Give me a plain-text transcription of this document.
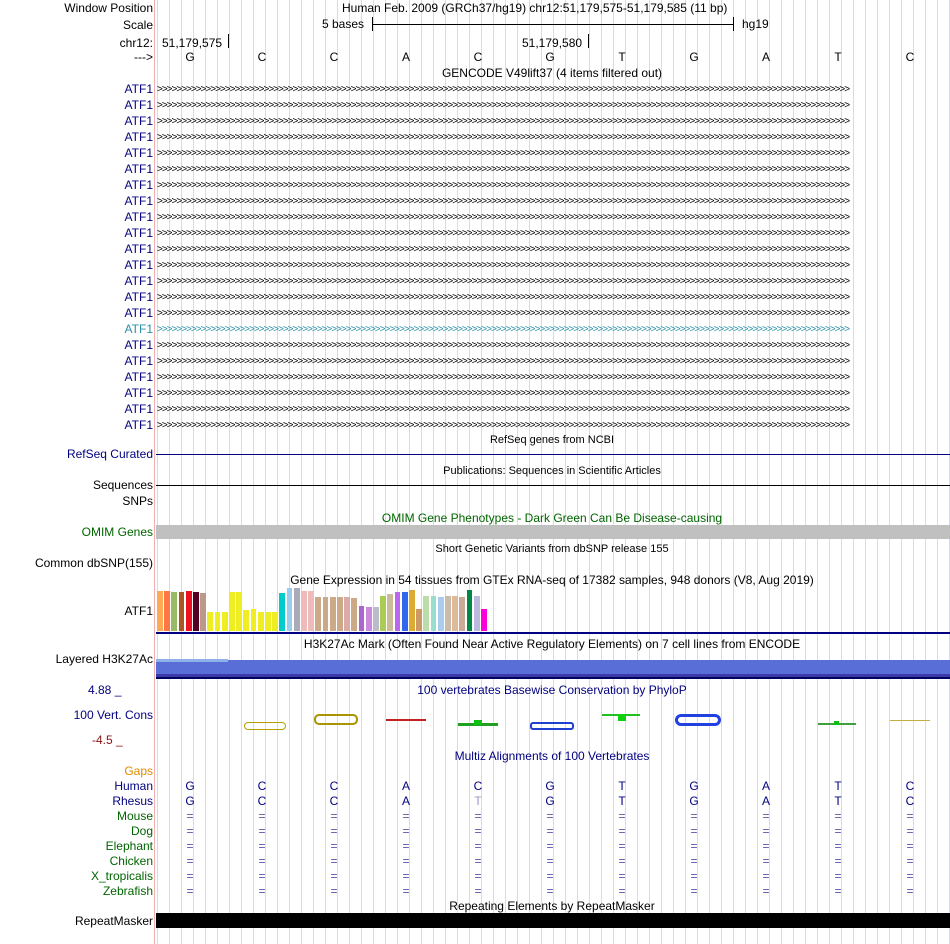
Window Position	Human Feb. 2009 (GRCh37/hg19) chr12:51,179,575-51,179,585 (11 bp)
Scale	5 bases	hg19
chr12: 51,179,575	51,179,580
--->	G	C	C	A	C	G	T	G	A	T	C
GENCODE V49lift37 (4 items filtered out)
ATF1 >>>>>>>>>>>>>>>>>>>>>>>>>>>>>>>>>>>>>>>>>>>>>>>>>>>>>>>>>>>>>>>>>>>>>>>>>>>>>>>>>>>>>>>>>>>>>>>>>>>>>>>>>>>>>>>>>>>>>>>>>>>>>>>>>>>>>>>>>>>>>>>
ATF1 >>>>>>>>>>>>>>>>>>>>>>>>>>>>>>>>>>>>>>>>>>>>>>>>>>>>>>>>>>>>>>>>>>>>>>>>>>>>>>>>>>>>>>>>>>>>>>>>>>>>>>>>>>>>>>>>>>>>>>>>>>>>>>>>>>>>>>>>>>>>>>>
ATF1 >>>>>>>>>>>>>>>>>>>>>>>>>>>>>>>>>>>>>>>>>>>>>>>>>>>>>>>>>>>>>>>>>>>>>>>>>>>>>>>>>>>>>>>>>>>>>>>>>>>>>>>>>>>>>>>>>>>>>>>>>>>>>>>>>>>>>>>>>>>>>>>
ATF1 >>>>>>>>>>>>>>>>>>>>>>>>>>>>>>>>>>>>>>>>>>>>>>>>>>>>>>>>>>>>>>>>>>>>>>>>>>>>>>>>>>>>>>>>>>>>>>>>>>>>>>>>>>>>>>>>>>>>>>>>>>>>>>>>>>>>>>>>>>>>>>>
ATF1 >>>>>>>>>>>>>>>>>>>>>>>>>>>>>>>>>>>>>>>>>>>>>>>>>>>>>>>>>>>>>>>>>>>>>>>>>>>>>>>>>>>>>>>>>>>>>>>>>>>>>>>>>>>>>>>>>>>>>>>>>>>>>>>>>>>>>>>>>>>>>>>
ATF1 >>>>>>>>>>>>>>>>>>>>>>>>>>>>>>>>>>>>>>>>>>>>>>>>>>>>>>>>>>>>>>>>>>>>>>>>>>>>>>>>>>>>>>>>>>>>>>>>>>>>>>>>>>>>>>>>>>>>>>>>>>>>>>>>>>>>>>>>>>>>>>>
ATF1 >>>>>>>>>>>>>>>>>>>>>>>>>>>>>>>>>>>>>>>>>>>>>>>>>>>>>>>>>>>>>>>>>>>>>>>>>>>>>>>>>>>>>>>>>>>>>>>>>>>>>>>>>>>>>>>>>>>>>>>>>>>>>>>>>>>>>>>>>>>>>>>
ATF1 >>>>>>>>>>>>>>>>>>>>>>>>>>>>>>>>>>>>>>>>>>>>>>>>>>>>>>>>>>>>>>>>>>>>>>>>>>>>>>>>>>>>>>>>>>>>>>>>>>>>>>>>>>>>>>>>>>>>>>>>>>>>>>>>>>>>>>>>>>>>>>>
ATF1 >>>>>>>>>>>>>>>>>>>>>>>>>>>>>>>>>>>>>>>>>>>>>>>>>>>>>>>>>>>>>>>>>>>>>>>>>>>>>>>>>>>>>>>>>>>>>>>>>>>>>>>>>>>>>>>>>>>>>>>>>>>>>>>>>>>>>>>>>>>>>>>
ATF1 >>>>>>>>>>>>>>>>>>>>>>>>>>>>>>>>>>>>>>>>>>>>>>>>>>>>>>>>>>>>>>>>>>>>>>>>>>>>>>>>>>>>>>>>>>>>>>>>>>>>>>>>>>>>>>>>>>>>>>>>>>>>>>>>>>>>>>>>>>>>>>>
ATF1 >>>>>>>>>>>>>>>>>>>>>>>>>>>>>>>>>>>>>>>>>>>>>>>>>>>>>>>>>>>>>>>>>>>>>>>>>>>>>>>>>>>>>>>>>>>>>>>>>>>>>>>>>>>>>>>>>>>>>>>>>>>>>>>>>>>>>>>>>>>>>>>
ATF1 >>>>>>>>>>>>>>>>>>>>>>>>>>>>>>>>>>>>>>>>>>>>>>>>>>>>>>>>>>>>>>>>>>>>>>>>>>>>>>>>>>>>>>>>>>>>>>>>>>>>>>>>>>>>>>>>>>>>>>>>>>>>>>>>>>>>>>>>>>>>>>>
ATF1 >>>>>>>>>>>>>>>>>>>>>>>>>>>>>>>>>>>>>>>>>>>>>>>>>>>>>>>>>>>>>>>>>>>>>>>>>>>>>>>>>>>>>>>>>>>>>>>>>>>>>>>>>>>>>>>>>>>>>>>>>>>>>>>>>>>>>>>>>>>>>>>
ATF1 >>>>>>>>>>>>>>>>>>>>>>>>>>>>>>>>>>>>>>>>>>>>>>>>>>>>>>>>>>>>>>>>>>>>>>>>>>>>>>>>>>>>>>>>>>>>>>>>>>>>>>>>>>>>>>>>>>>>>>>>>>>>>>>>>>>>>>>>>>>>>>>
ATF1 >>>>>>>>>>>>>>>>>>>>>>>>>>>>>>>>>>>>>>>>>>>>>>>>>>>>>>>>>>>>>>>>>>>>>>>>>>>>>>>>>>>>>>>>>>>>>>>>>>>>>>>>>>>>>>>>>>>>>>>>>>>>>>>>>>>>>>>>>>>>>>>
ATF1 >>>>>>>>>>>>>>>>>>>>>>>>>>>>>>>>>>>>>>>>>>>>>>>>>>>>>>>>>>>>>>>>>>>>>>>>>>>>>>>>>>>>>>>>>>>>>>>>>>>>>>>>>>>>>>>>>>>>>>>>>>>>>>>>>>>>>>>>>>>>>>>
ATF1 >>>>>>>>>>>>>>>>>>>>>>>>>>>>>>>>>>>>>>>>>>>>>>>>>>>>>>>>>>>>>>>>>>>>>>>>>>>>>>>>>>>>>>>>>>>>>>>>>>>>>>>>>>>>>>>>>>>>>>>>>>>>>>>>>>>>>>>>>>>>>>>
ATF1 >>>>>>>>>>>>>>>>>>>>>>>>>>>>>>>>>>>>>>>>>>>>>>>>>>>>>>>>>>>>>>>>>>>>>>>>>>>>>>>>>>>>>>>>>>>>>>>>>>>>>>>>>>>>>>>>>>>>>>>>>>>>>>>>>>>>>>>>>>>>>>>
ATF1 >>>>>>>>>>>>>>>>>>>>>>>>>>>>>>>>>>>>>>>>>>>>>>>>>>>>>>>>>>>>>>>>>>>>>>>>>>>>>>>>>>>>>>>>>>>>>>>>>>>>>>>>>>>>>>>>>>>>>>>>>>>>>>>>>>>>>>>>>>>>>>>
ATF1 >>>>>>>>>>>>>>>>>>>>>>>>>>>>>>>>>>>>>>>>>>>>>>>>>>>>>>>>>>>>>>>>>>>>>>>>>>>>>>>>>>>>>>>>>>>>>>>>>>>>>>>>>>>>>>>>>>>>>>>>>>>>>>>>>>>>>>>>>>>>>>>
ATF1 >>>>>>>>>>>>>>>>>>>>>>>>>>>>>>>>>>>>>>>>>>>>>>>>>>>>>>>>>>>>>>>>>>>>>>>>>>>>>>>>>>>>>>>>>>>>>>>>>>>>>>>>>>>>>>>>>>>>>>>>>>>>>>>>>>>>>>>>>>>>>>>
ATF1 >>>>>>>>>>>>>>>>>>>>>>>>>>>>>>>>>>>>>>>>>>>>>>>>>>>>>>>>>>>>>>>>>>>>>>>>>>>>>>>>>>>>>>>>>>>>>>>>>>>>>>>>>>>>>>>>>>>>>>>>>>>>>>>>>>>>>>>>>>>>>>>
RefSeq genes from NCBI
RefSeq Curated
Publications: Sequences in Scientific Articles
Sequences
SNPs
OMIM Gene Phenotypes - Dark Green Can Be Disease-causing
OMIM Genes
Short Genetic Variants from dbSNP release 155
Common dbSNP(155)
Gene Expression in 54 tissues from GTEx RNA-seq of 17382 samples, 948 donors (V8, Aug 2019)
ATF1
H3K27Ac Mark (Often Found Near Active Regulatory Elements) on 7 cell lines from ENCODE
Layered H3K27Ac
4.88 _	100 vertebrates Basewise Conservation by PhyloP
100 Vert. Cons
-4.5 _
Multiz Alignments of 100 Vertebrates
Gaps
Human	G	C	C	A	C	G	T	G	A	T	C
Rhesus	G	C	C	A	T	G	T	G	A	T	C
Mouse	=	=	=	=	=	=	=	=	=	=	=
Dog	=	=	=	=	=	=	=	=	=	=	=
Elephant	=	=	=	=	=	=	=	=	=	=	=
Chicken	=	=	=	=	=	=	=	=	=	=	=
X_tropicalis	=	=	=	=	=	=	=	=	=	=	=
Zebrafish	=	=	=	=	=	=	=	=	=	=	=
Repeating Elements by RepeatMasker
RepeatMasker
